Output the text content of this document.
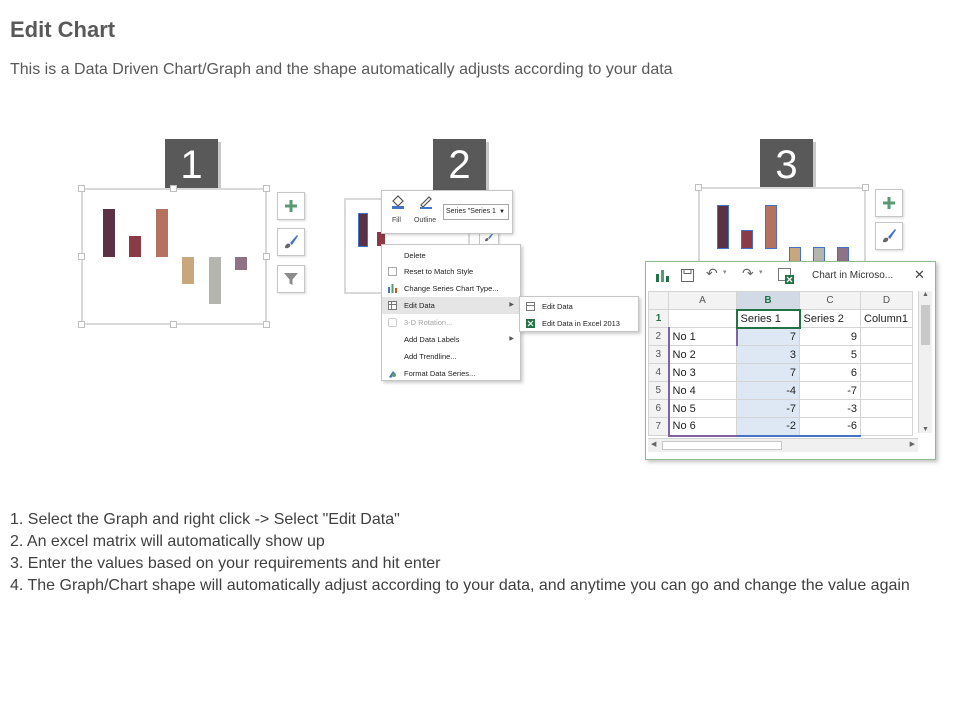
Edit Chart
This is a Data Driven Chart/Graph and the shape automatically adjusts according to your data
1	2	3
Fill Outline
Series "Series 1 ▼
Delete
Reset to Match Style
Change Series Chart Type...
Edit Data	▶
3-D Rotation...
Add Data Labels	▶
Add Trendline...
Format Data Series...
Edit Data
Edit Data in Excel 2013
↶ ▾ ↷ ▾	Chart in Microso... ✕
	A	B	C	D
1		Series 1	Series 2	Column1
2	No 1	7	9	
3	No 2	3	5	
4	No 3	7	6	
5	No 4	-4	-7	
6	No 5	-7	-3	
7	No 6	-2	-6	
▲
▼
◀	▶
1. Select the Graph and right click -> Select "Edit Data"
2. An excel matrix will automatically show up
3. Enter the values based on your requirements and hit enter
4. The Graph/Chart shape will automatically adjust according to your data, and anytime you can go and change the value again
